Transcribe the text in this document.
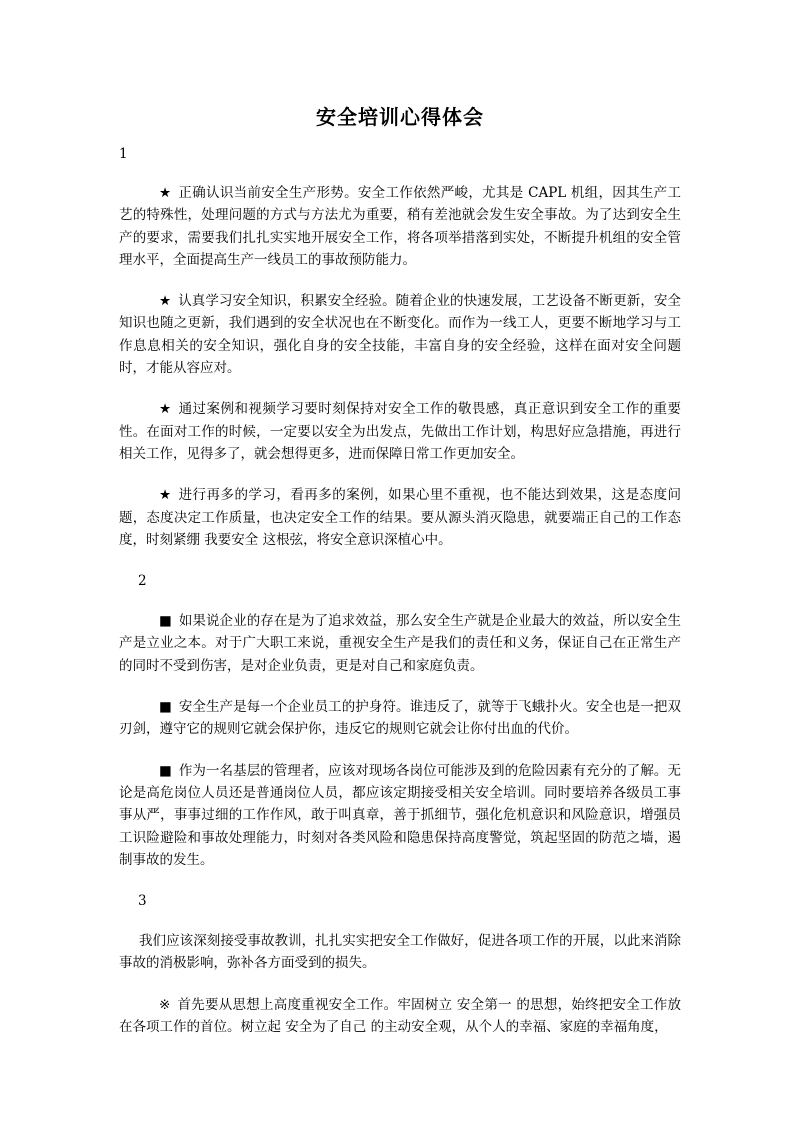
安全培训心得体会

1

★ 正确认识当前安全生产形势。安全工作依然严峻，尤其是 CAPL 机组，因其生产工艺的特殊性，处理问题的方式与方法尤为重要，稍有差池就会发生安全事故。为了达到安全生产的要求，需要我们扎扎实实地开展安全工作，将各项举措落到实处，不断提升机组的安全管理水平，全面提高生产一线员工的事故预防能力。

★ 认真学习安全知识，积累安全经验。随着企业的快速发展，工艺设备不断更新，安全知识也随之更新，我们遇到的安全状况也在不断变化。而作为一线工人，更要不断地学习与工作息息相关的安全知识，强化自身的安全技能，丰富自身的安全经验，这样在面对安全问题时，才能从容应对。

★ 通过案例和视频学习要时刻保持对安全工作的敬畏感，真正意识到安全工作的重要性。在面对工作的时候，一定要以安全为出发点，先做出工作计划，构思好应急措施，再进行相关工作，见得多了，就会想得更多，进而保障日常工作更加安全。

★ 进行再多的学习，看再多的案例，如果心里不重视，也不能达到效果，这是态度问题，态度决定工作质量，也决定安全工作的结果。要从源头消灭隐患，就要端正自己的工作态度，时刻紧绷 我要安全 这根弦，将安全意识深植心中。

2

■ 如果说企业的存在是为了追求效益，那么安全生产就是企业最大的效益，所以安全生产是立业之本。对于广大职工来说，重视安全生产是我们的责任和义务，保证自己在正常生产的同时不受到伤害，是对企业负责，更是对自己和家庭负责。

■ 安全生产是每一个企业员工的护身符。谁违反了，就等于飞蛾扑火。安全也是一把双刃剑，遵守它的规则它就会保护你，违反它的规则它就会让你付出血的代价。

■ 作为一名基层的管理者，应该对现场各岗位可能涉及到的危险因素有充分的了解。无论是高危岗位人员还是普通岗位人员，都应该定期接受相关安全培训。同时要培养各级员工事事从严，事事过细的工作作风，敢于叫真章，善于抓细节，强化危机意识和风险意识，增强员工识险避险和事故处理能力，时刻对各类风险和隐患保持高度警觉，筑起坚固的防范之墙，遏制事故的发生。

3

我们应该深刻接受事故教训，扎扎实实把安全工作做好，促进各项工作的开展，以此来消除事故的消极影响，弥补各方面受到的损失。

※ 首先要从思想上高度重视安全工作。牢固树立 安全第一 的思想，始终把安全工作放在各项工作的首位。树立起 安全为了自己 的主动安全观，从个人的幸福、家庭的幸福角度，
